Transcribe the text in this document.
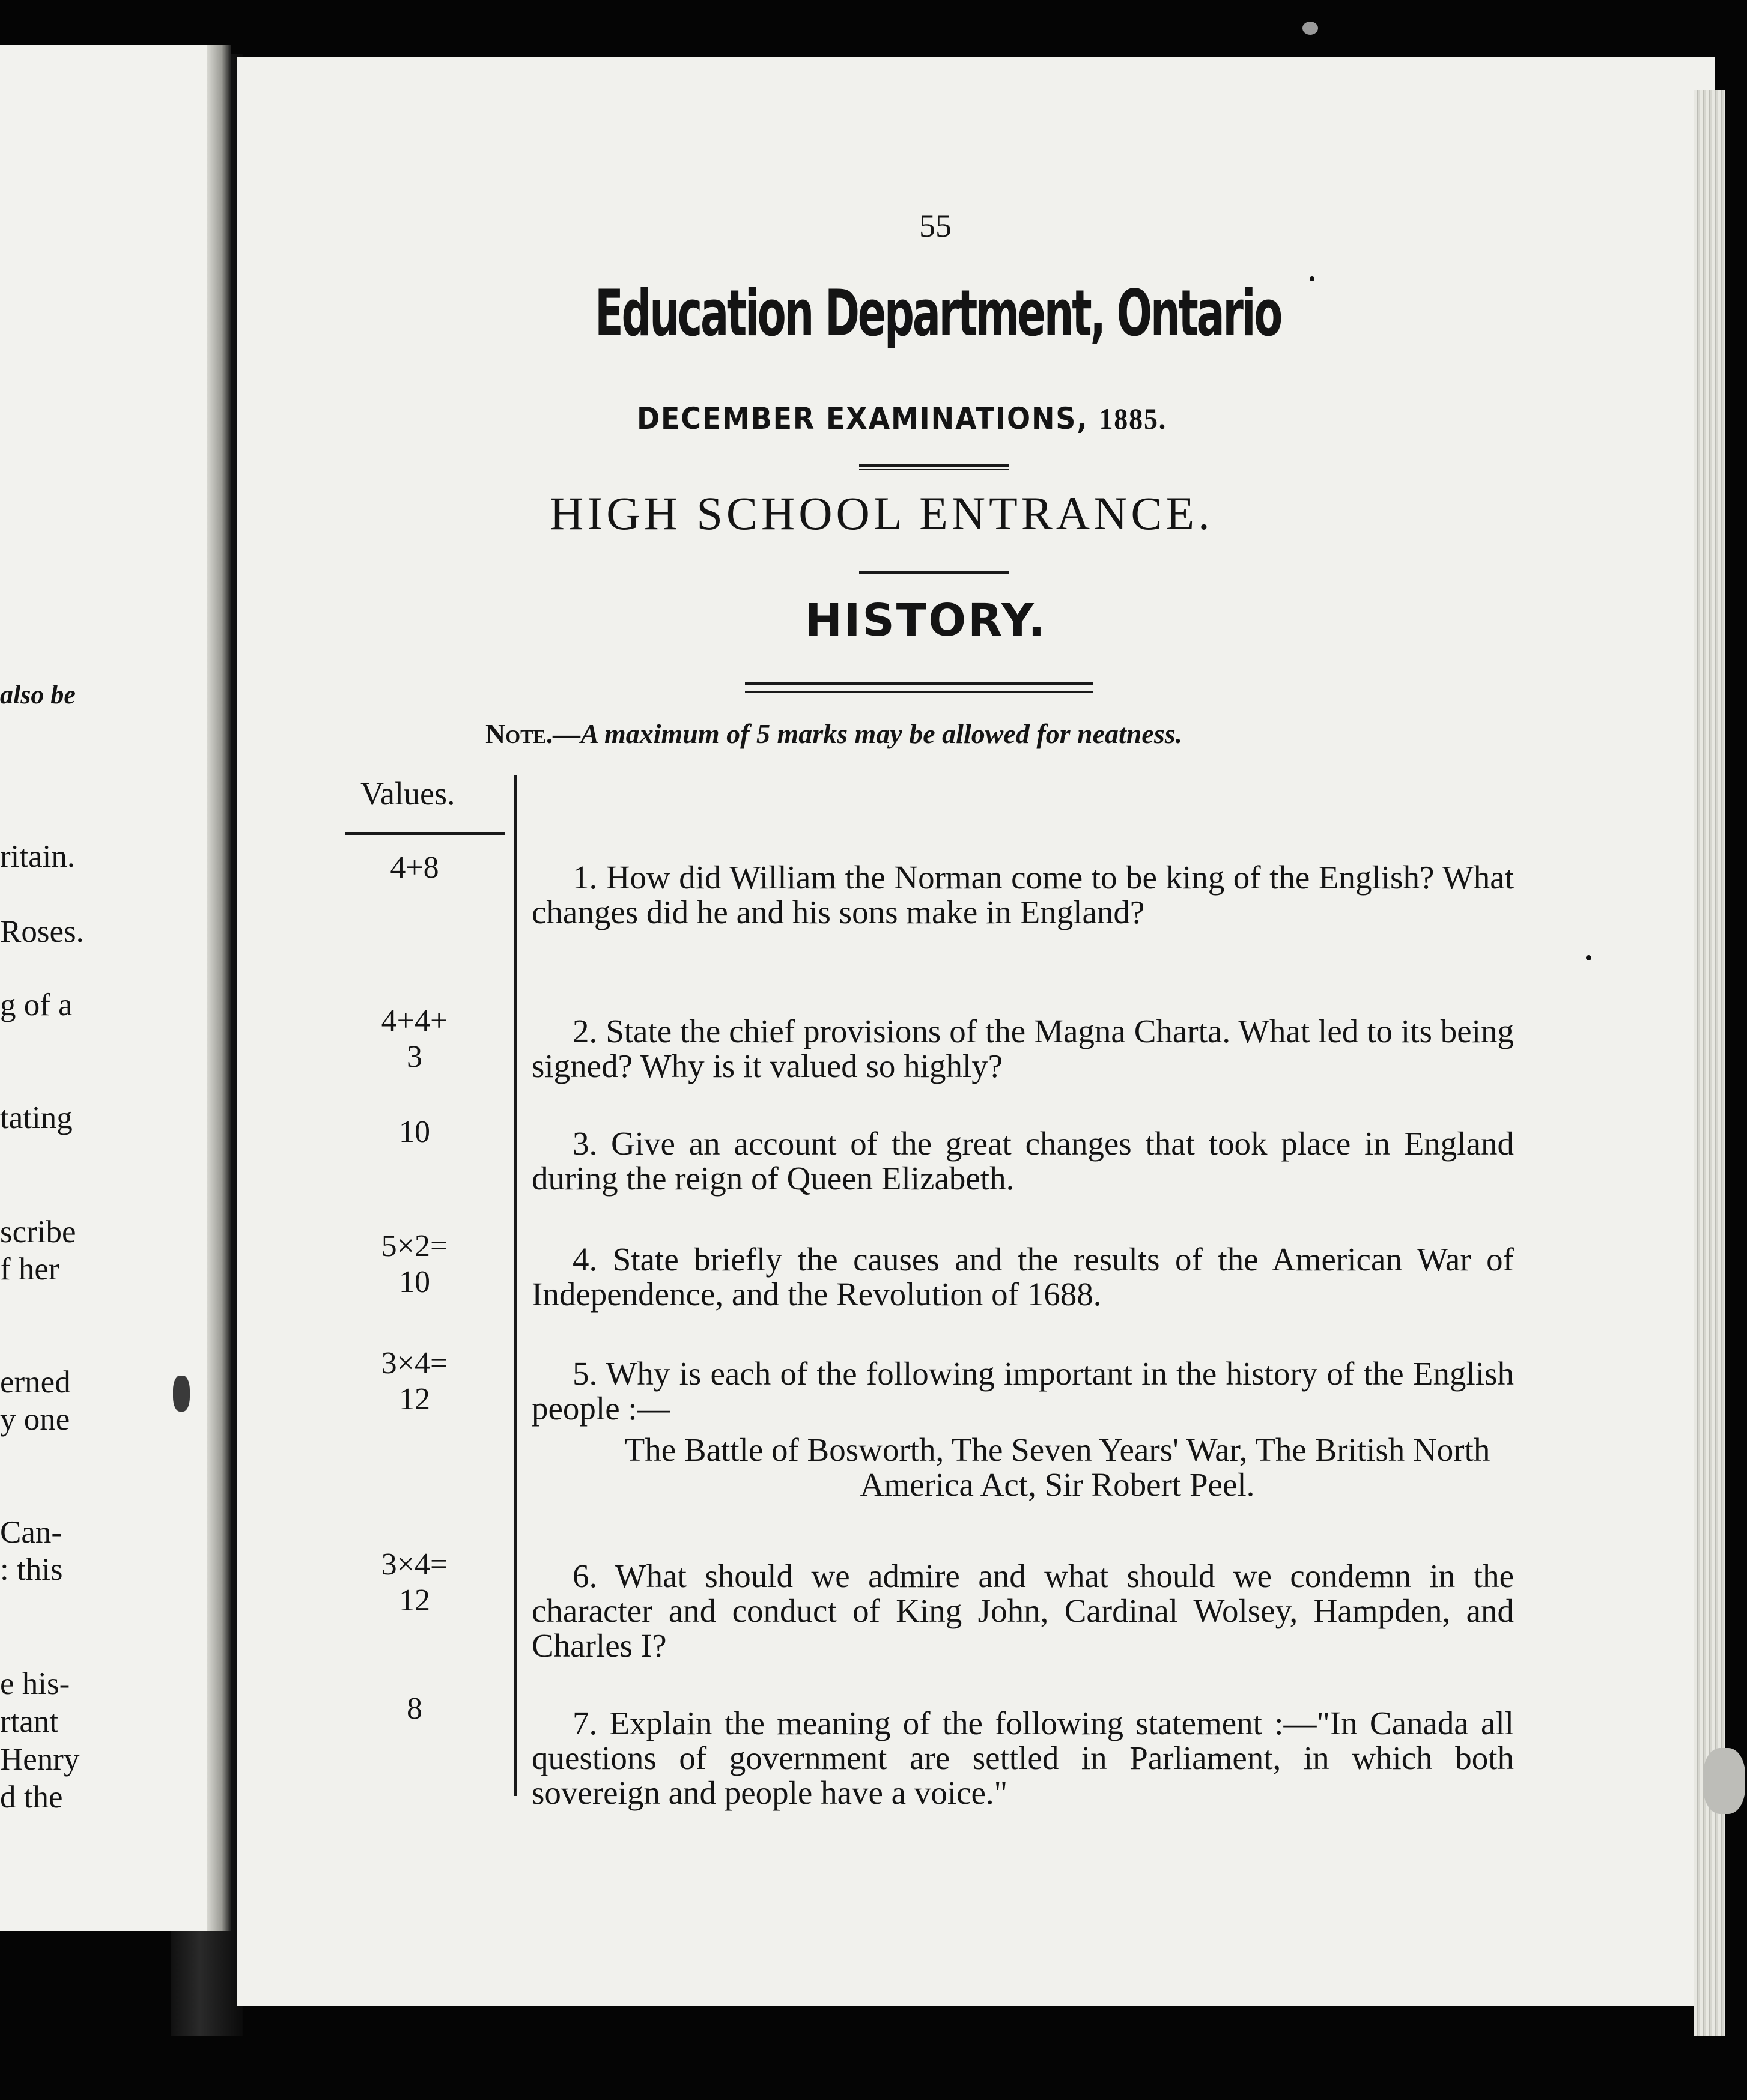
also be
ritain.
Roses.
g of a
tating
scribe
f her
erned
y one
Can-
: this
e his-
rtant
Henry
d the
55
Education Department, Ontario
DECEMBER EXAMINATIONS, 1885.
HIGH SCHOOL ENTRANCE.
HISTORY.
Note.—A maximum of 5 marks may be allowed for neatness.
Values.
4+8
4+4+
3
10
5×2=
10
3×4=
12
3×4=
12
8
1. How did William the Norman come to be king of the English? What changes did he and his sons make in England?
2. State the chief provisions of the Magna Charta. What led to its being signed? Why is it valued so highly?
3. Give an account of the great changes that took place in England during the reign of Queen Elizabeth.
4. State briefly the causes and the results of the American War of Independence, and the Revolution of 1688.
5. Why is each of the following important in the history of the English people :—
The Battle of Bosworth, The Seven Years' War, The British North America Act, Sir Robert Peel.
6. What should we admire and what should we condemn in the character and conduct of King John, Cardinal Wolsey, Hampden, and Charles I?
7. Explain the meaning of the following statement :—"In Canada all questions of government are settled in Parliament, in which both sovereign and people have a voice."
